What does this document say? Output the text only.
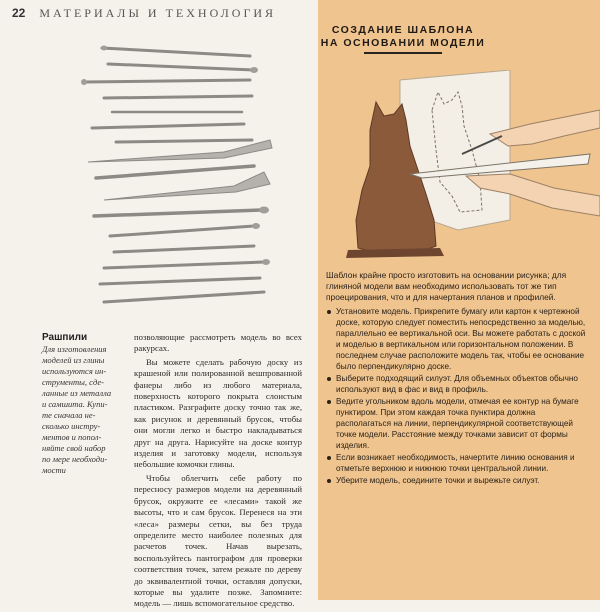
22 МАТЕРИАЛЫ И ТЕХНОЛОГИЯ
Рашпили
Для изготовления
моделей из глины
используются ин-
струменты, сде-
ланные из металла
и самшита. Купи-
те сначала не-
сколько инстру-
ментов и попол-
няйте свой набор
по мере необходи-
мости

позволяющие рассмотреть модель во всех ракурсах.

Вы можете сделать рабочую доску из крашеной или полированной вешпрованной фанеры либо из любого материала, поверхность которого покрыта слоистым пластиком. Разграфите доску точно так же, как рисунок и деревянный брусок, чтобы они могли легко и быстро накладываться друг на друга. Нарисуйте на доске контур изделия и заготовку модели, используя небольшие комочки глины.

Чтобы облегчить себе работу по пересносу размеров модели на деревянный брусок, окружите ее «лесами» такой же высоты, что и сам брусок. Перенеся на эти «леса» размеры сетки, вы без труда определите место наиболее полезных для расчетов точек. Начав вырезать, воспользуйтесь пантографом для проверки соответствия точек, затем режьте по дереву до эквивалентной точки, оставляя допуски, которые вы удалите позже. Запомните: модель — лишь вспомогательное средство.

СОЗДАНИЕ ШАБЛОНА
НА ОСНОВАНИИ МОДЕЛИ
Шаблон крайне просто изготовить на основании рисунка; для глиняной модели вам необходимо использовать тот же тип проецирования, что и для начертания планов и профилей.
Установите модель. Прикрепите бумагу или картон к чертежной доске, которую следует поместить непосредственно за моделью, параллельно ее вертикальной оси. Вы можете работать с доской и моделью в вертикальном или горизонтальном положении. В последнем случае расположите модель так, чтобы ее основание было перпендикулярно доске.
Выберите подходящий силуэт. Для объемных объектов обычно используют вид в фас и вид в профиль.
Ведите угольником вдоль модели, отмечая ее контур на бумаге пунктиром. При этом каждая точка пунктира должна располагаться на линии, перпендикулярной соответствующей точке модели. Расстояние между точками зависит от формы изделия.
Если возникает необходимость, начертите линию основания и отметьте верхнюю и нижнюю точки центральной линии.
Уберите модель, соедините точки и вырежьте силуэт.
